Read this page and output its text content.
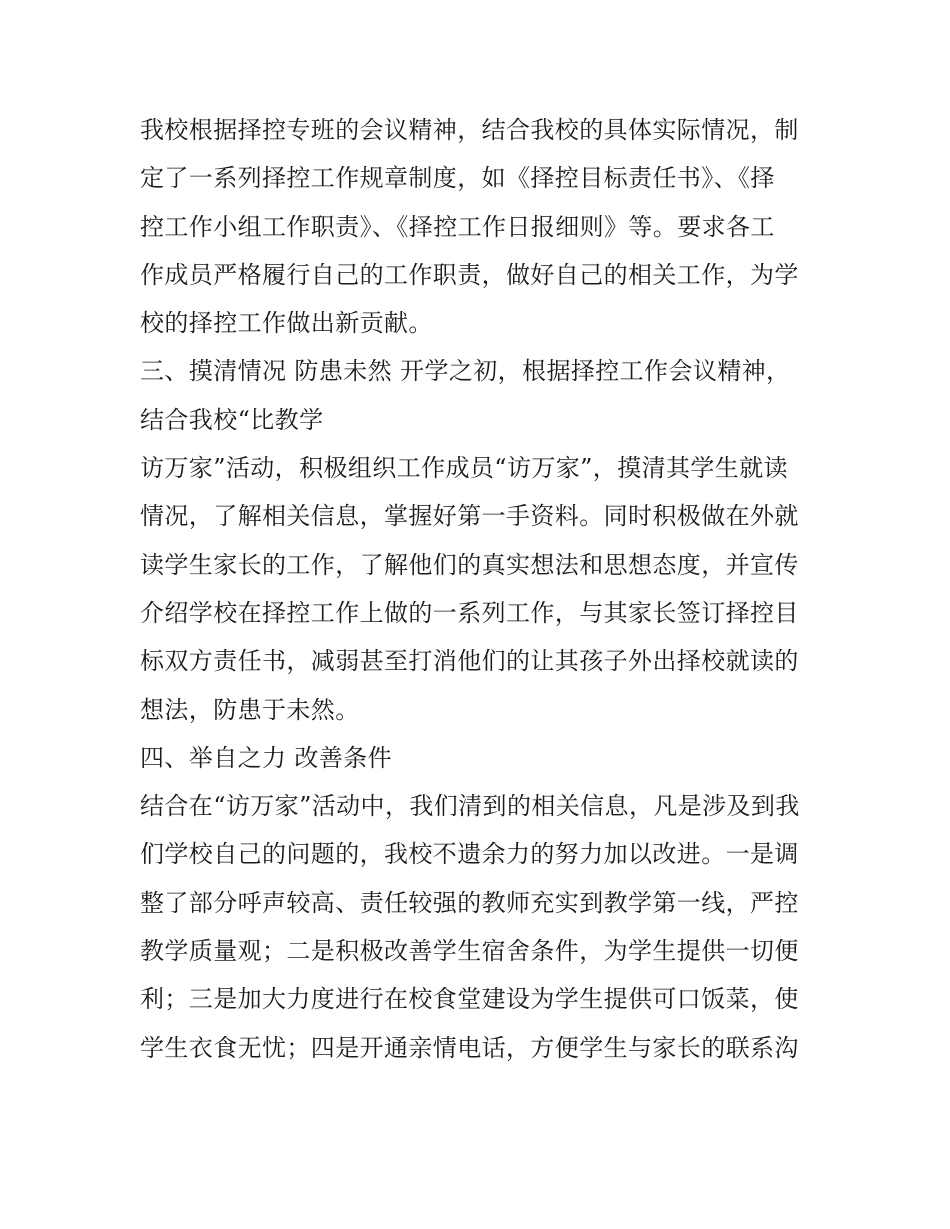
我校根据择控专班的会议精神，结合我校的具体实际情况，制
定了一系列择控工作规章制度，如《择控目标责任书》、《择
控工作小组工作职责》、《择控工作日报细则》等。要求各工
作成员严格履行自己的工作职责，做好自己的相关工作，为学
校的择控工作做出新贡献。
三、摸清情况 防患未然 开学之初，根据择控工作会议精神，
结合我校“比教学
访万家”活动，积极组织工作成员“访万家”，摸清其学生就读
情况，了解相关信息，掌握好第一手资料。同时积极做在外就
读学生家长的工作，了解他们的真实想法和思想态度，并宣传
介绍学校在择控工作上做的一系列工作，与其家长签订择控目
标双方责任书，减弱甚至打消他们的让其孩子外出择校就读的
想法，防患于未然。
四、举自之力 改善条件
结合在“访万家”活动中，我们清到的相关信息，凡是涉及到我
们学校自己的问题的，我校不遗余力的努力加以改进。一是调
整了部分呼声较高、责任较强的教师充实到教学第一线，严控
教学质量观；二是积极改善学生宿舍条件，为学生提供一切便
利；三是加大力度进行在校食堂建设为学生提供可口饭菜，使
学生衣食无忧；四是开通亲情电话，方便学生与家长的联系沟
